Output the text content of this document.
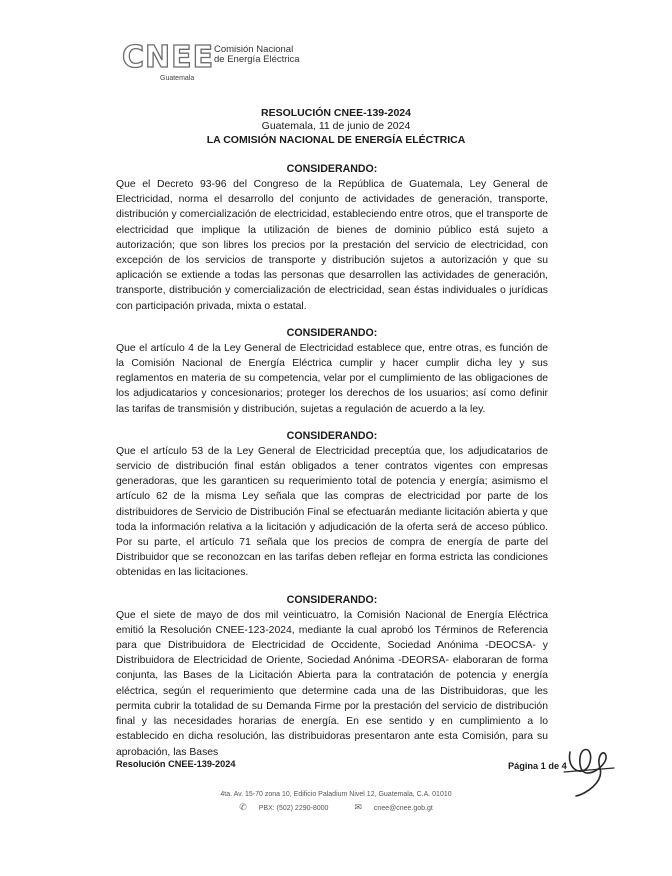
CNEE Comisión Nacional
de Energía Eléctrica
Guatemala
RESOLUCIÓN CNEE-139-2024
Guatemala, 11 de junio de 2024
LA COMISIÓN NACIONAL DE ENERGÍA ELÉCTRICA
CONSIDERANDO:

Que el Decreto 93-96 del Congreso de la República de Guatemala, Ley General de Electricidad, norma el desarrollo del conjunto de actividades de generación, transporte, distribución y comercialización de electricidad, estableciendo entre otros, que el transporte de electricidad que implique la utilización de bienes de dominio público está sujeto a autorización; que son libres los precios por la prestación del servicio de electricidad, con excepción de los servicios de transporte y distribución sujetos a autorización y que su aplicación se extiende a todas las personas que desarrollen las actividades de generación, transporte, distribución y comercialización de electricidad, sean éstas individuales o jurídicas con participación privada, mixta o estatal.

CONSIDERANDO:

Que el artículo 4 de la Ley General de Electricidad establece que, entre otras, es función de la Comisión Nacional de Energía Eléctrica cumplir y hacer cumplir dicha ley y sus reglamentos en materia de su competencia, velar por el cumplimiento de las obligaciones de los adjudicatarios y concesionarios; proteger los derechos de los usuarios; así como definir las tarifas de transmisión y distribución, sujetas a regulación de acuerdo a la ley.

CONSIDERANDO:

Que el artículo 53 de la Ley General de Electricidad preceptúa que, los adjudicatarios de servicio de distribución final están obligados a tener contratos vigentes con empresas generadoras, que les garanticen su requerimiento total de potencia y energía; asimismo el artículo 62 de la misma Ley señala que las compras de electricidad por parte de los distribuidores de Servicio de Distribución Final se efectuarán mediante licitación abierta y que toda la información relativa a la licitación y adjudicación de la oferta será de acceso público. Por su parte, el artículo 71 señala que los precios de compra de energía de parte del Distribuidor que se reconozcan en las tarifas deben reflejar en forma estricta las condiciones obtenidas en las licitaciones.

CONSIDERANDO:

Que el siete de mayo de dos mil veinticuatro, la Comisión Nacional de Energía Eléctrica emitió la Resolución CNEE-123-2024, mediante la cual aprobó los Términos de Referencia para que Distribuidora de Electricidad de Occidente, Sociedad Anónima -DEOCSA- y Distribuidora de Electricidad de Oriente, Sociedad Anónima -DEORSA- elaboraran de forma conjunta, las Bases de la Licitación Abierta para la contratación de potencia y energía eléctrica, según el requerimiento que determine cada una de las Distribuidoras, que les permita cubrir la totalidad de su Demanda Firme por la prestación del servicio de distribución final y las necesidades horarias de energía. En ese sentido y en cumplimiento a lo establecido en dicha resolución, las distribuidoras presentaron ante esta Comisión, para su aprobación, las Bases

Resolución CNEE-139-2024	Página 1 de 4
4ta. Av. 15-70 zona 10, Edificio Paladium Nivel 12, Guatemala, C.A. 01010
✆ PBX: (502) 2290-8000	✉ cnee@cnee.gob.gt
